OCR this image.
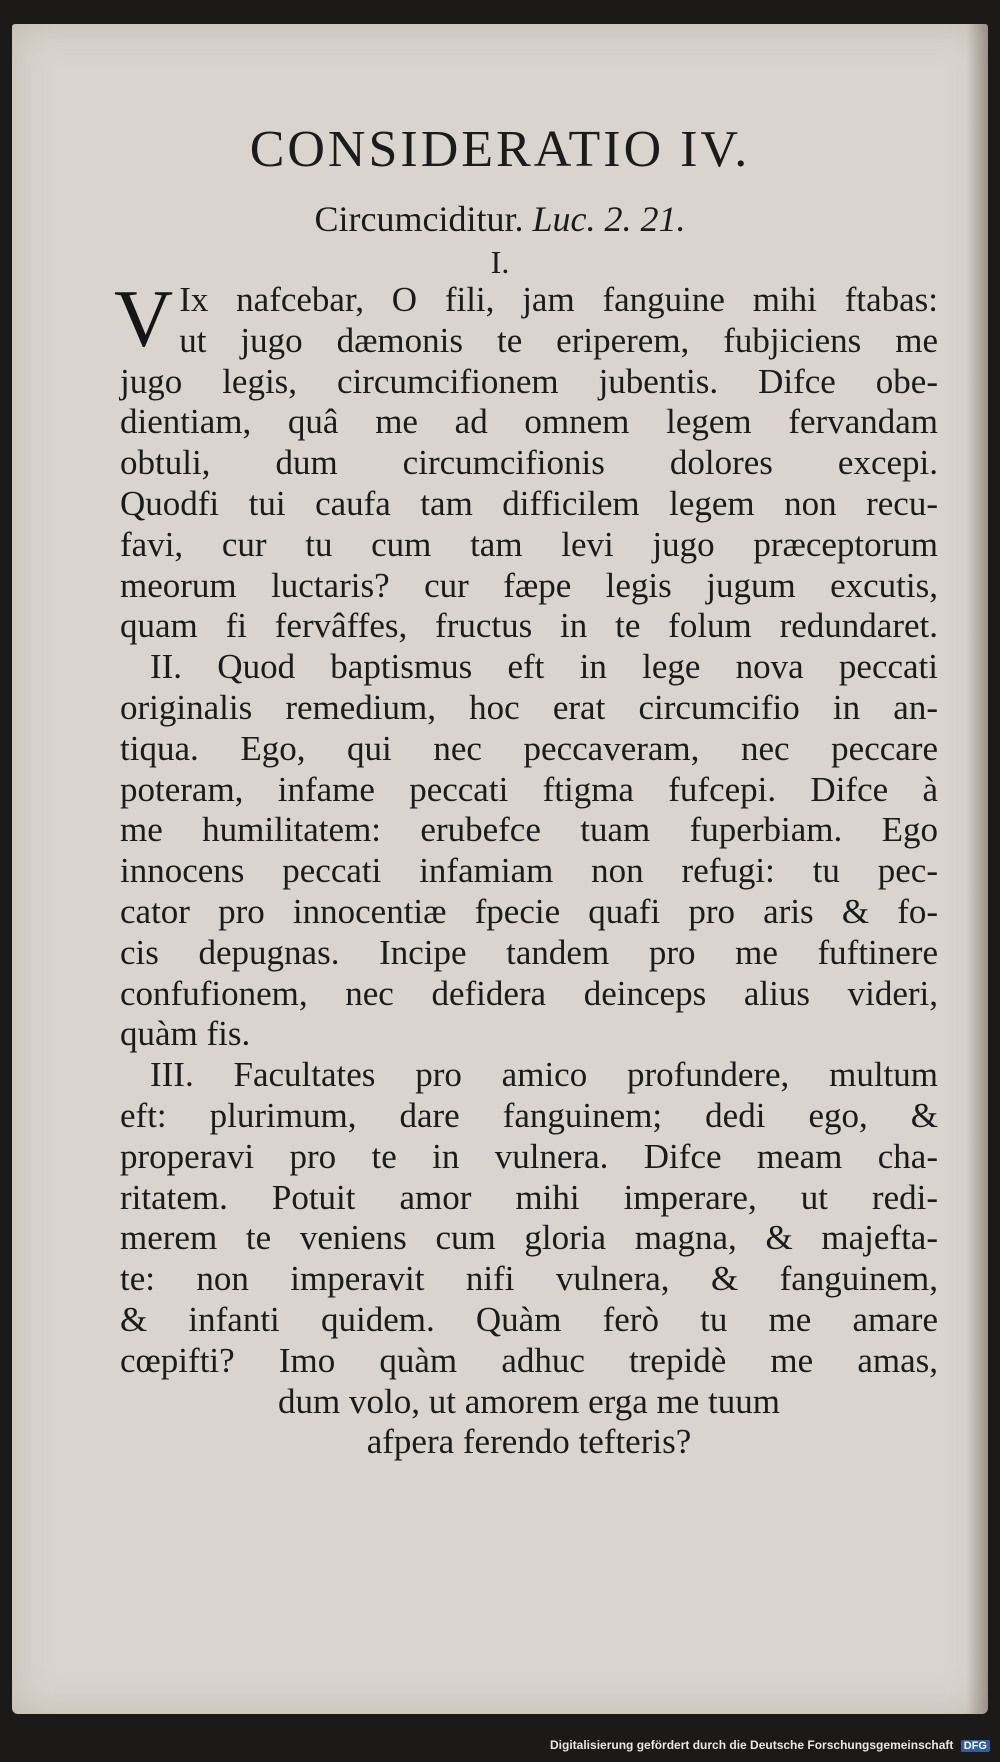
CONSIDERATIO IV.
Circumciditur. Luc. 2. 21.
I.
V Ix nafcebar, O fili, jam fanguine mihi ftabas:
ut jugo dæmonis te eriperem, fubjiciens me
jugo legis, circumcifionem jubentis. Difce obe-
dientiam, quâ me ad omnem legem fervandam
obtuli, dum circumcifionis dolores excepi.
Quodfi tui caufa tam difficilem legem non recu-
favi, cur tu cum tam levi jugo præceptorum
meorum luctaris? cur fæpe legis jugum excutis,
quam fi fervâffes, fructus in te folum redundaret.
II. Quod baptismus eft in lege nova peccati
originalis remedium, hoc erat circumcifio in an-
tiqua. Ego, qui nec peccaveram, nec peccare
poteram, infame peccati ftigma fufcepi. Difce à
me humilitatem: erubefce tuam fuperbiam. Ego
innocens peccati infamiam non refugi: tu pec-
cator pro innocentiæ fpecie quafi pro aris & fo-
cis depugnas. Incipe tandem pro me fuftinere
confufionem, nec defidera deinceps alius videri,
quàm fis.
III. Facultates pro amico profundere, multum
eft: plurimum, dare fanguinem; dedi ego, &
properavi pro te in vulnera. Difce meam cha-
ritatem. Potuit amor mihi imperare, ut redi-
merem te veniens cum gloria magna, & majefta-
te: non imperavit nifi vulnera, & fanguinem,
& infanti quidem. Quàm ferò tu me amare
cœpifti? Imo quàm adhuc trepidè me amas,
dum volo, ut amorem erga me tuum
afpera ferendo tefteris?
Digitalisierung gefördert durch die Deutsche Forschungsgemeinschaft DFG
